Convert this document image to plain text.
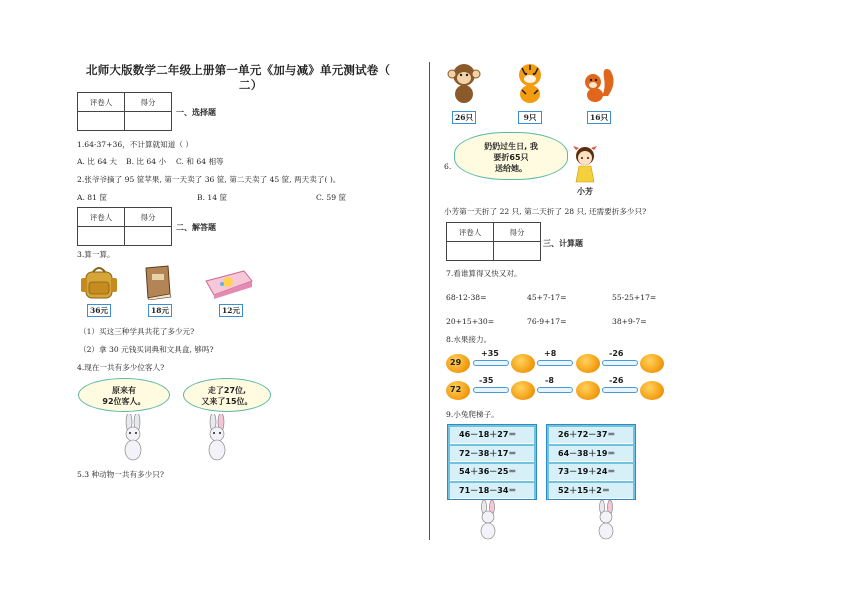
北师大版数学二年级上册第一单元《加与减》单元测试卷（
二）
评卷人	得分

一、选择题
1.64-37+36，不计算就知道（ ）
A. 比 64 大 B. 比 64 小 C. 和 64 相等
2.张爷爷摘了 95 筐苹果, 第一天卖了 36 筐, 第二天卖了 45 筐, 两天卖了( )。
A. 81 筐	B. 14 筐	C. 59 筐
评卷人	得分

二、解答题
3.算一算。
36元	18元	12元
（1）买这三种学具共花了多少元?
（2）拿 30 元钱买词典和文具盒, 够吗?
4.现在一共有多少位客人?
原来有
92位客人。
走了27位,
又来了15位。
5.3 种动物一共有多少只?
26只	9只	16只
6.
奶奶过生日, 我
要折65只
送给她。
小芳
小芳第一天折了 22 只, 第二天折了 28 只, 还需要折多少只?
评卷人	得分

三、计算题
7.看谁算得又快又对。
68-12-38=	45+7-17=	55-25+17=
20+15+30=	76-9+17=	38+9-7=
8.水果接力。
29
+35	+8	-26
72
-35	-8	-26
9.小兔爬梯子。
46－18＋27＝
72－38＋17＝
54＋36－25＝
71－18－34＝
26＋72－37＝
64－38＋19＝
73－19＋24＝
52＋15＋2＝
